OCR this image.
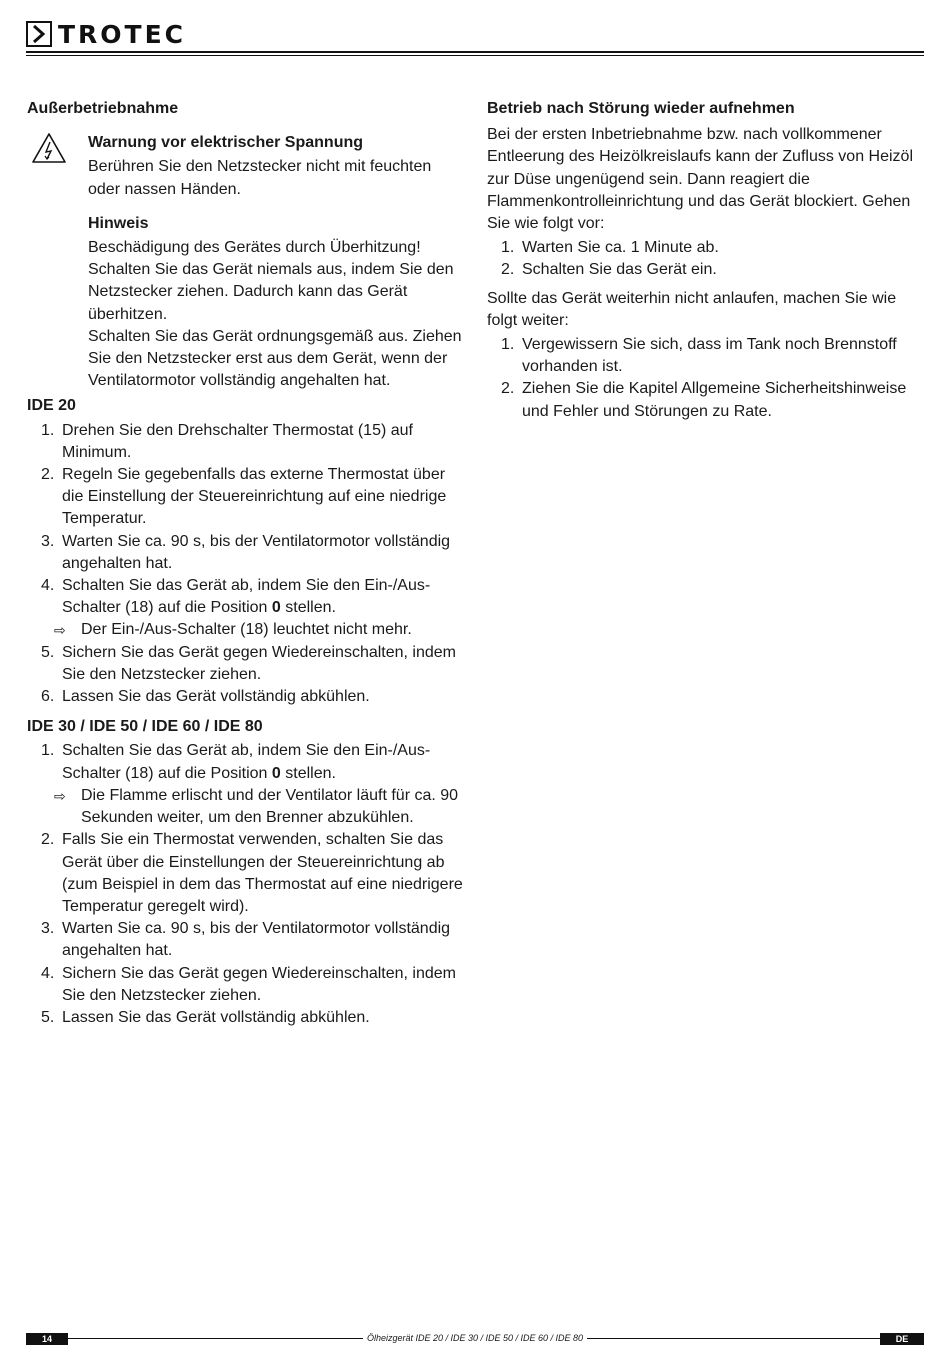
TROTEC

Außerbetriebnahme

Warnung vor elektrischer Spannung

Berühren Sie den Netzstecker nicht mit feuchten oder nassen Händen.

Hinweis

Beschädigung des Gerätes durch Überhitzung!

Schalten Sie das Gerät niemals aus, indem Sie den Netzstecker ziehen. Dadurch kann das Gerät überhitzen.

Schalten Sie das Gerät ordnungsgemäß aus. Ziehen Sie den Netzstecker erst aus dem Gerät, wenn der Ventilatormotor vollständig angehalten hat.

IDE 20

1. Drehen Sie den Drehschalter Thermostat (15) auf Minimum.
2. Regeln Sie gegebenfalls das externe Thermostat über die Einstellung der Steuereinrichtung auf eine niedrige Temperatur.
3. Warten Sie ca. 90 s, bis der Ventilatormotor vollständig angehalten hat.
4. Schalten Sie das Gerät ab, indem Sie den Ein-/Aus-Schalter (18) auf die Position 0 stellen.
⇨ Der Ein-/Aus-Schalter (18) leuchtet nicht mehr.
5. Sichern Sie das Gerät gegen Wiedereinschalten, indem Sie den Netzstecker ziehen.
6. Lassen Sie das Gerät vollständig abkühlen.

IDE 30 / IDE 50 / IDE 60 / IDE 80

1. Schalten Sie das Gerät ab, indem Sie den Ein-/Aus-Schalter (18) auf die Position 0 stellen.
⇨ Die Flamme erlischt und der Ventilator läuft für ca. 90 Sekunden weiter, um den Brenner abzukühlen.
2. Falls Sie ein Thermostat verwenden, schalten Sie das Gerät über die Einstellungen der Steuereinrichtung ab (zum Beispiel in dem das Thermostat auf eine niedrigere Temperatur geregelt wird).
3. Warten Sie ca. 90 s, bis der Ventilatormotor vollständig angehalten hat.
4. Sichern Sie das Gerät gegen Wiedereinschalten, indem Sie den Netzstecker ziehen.
5. Lassen Sie das Gerät vollständig abkühlen.

Betrieb nach Störung wieder aufnehmen

Bei der ersten Inbetriebnahme bzw. nach vollkommener Entleerung des Heizölkreislaufs kann der Zufluss von Heizöl zur Düse ungenügend sein. Dann reagiert die Flammenkontrolleinrichtung und das Gerät blockiert. Gehen Sie wie folgt vor:

1. Warten Sie ca. 1 Minute ab.
2. Schalten Sie das Gerät ein.

Sollte das Gerät weiterhin nicht anlaufen, machen Sie wie folgt weiter:

1. Vergewissern Sie sich, dass im Tank noch Brennstoff vorhanden ist.
2. Ziehen Sie die Kapitel Allgemeine Sicherheitshinweise und Fehler und Störungen zu Rate.
14	Ölheizgerät IDE 20 / IDE 30 / IDE 50 / IDE 60 / IDE 80	DE
